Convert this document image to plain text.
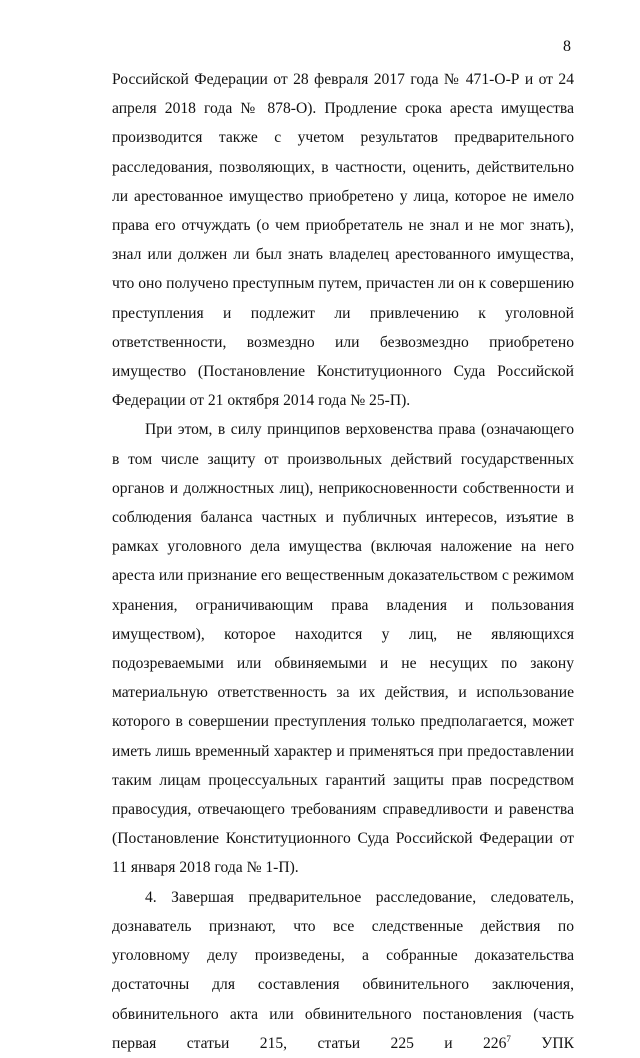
8

Российской Федерации от 28 февраля 2017 года № 471-О-Р и от 24 апреля 2018 года № 878-О). Продление срока ареста имущества производится также с учетом результатов предварительного расследования, позволяющих, в частности, оценить, действительно ли арестованное имущество приобретено у лица, которое не имело права его отчуждать (о чем приобретатель не знал и не мог знать), знал или должен ли был знать владелец арестованного имущества, что оно получено преступным путем, причастен ли он к совершению преступления и подлежит ли привлечению к уголовной ответственности, возмездно или безвозмездно приобретено имущество (Постановление Конституционного Суда Российской Федерации от 21 октября 2014 года № 25-П).

При этом, в силу принципов верховенства права (означающего в том числе защиту от произвольных действий государственных органов и должностных лиц), неприкосновенности собственности и соблюдения баланса частных и публичных интересов, изъятие в рамках уголовного дела имущества (включая наложение на него ареста или признание его вещественным доказательством с режимом хранения, ограничивающим права владения и пользования имуществом), которое находится у лиц, не являющихся подозреваемыми или обвиняемыми и не несущих по закону материальную ответственность за их действия, и использование которого в совершении преступления только предполагается, может иметь лишь временный характер и применяться при предоставлении таким лицам процессуальных гарантий защиты прав посредством правосудия, отвечающего требованиям справедливости и равенства (Постановление Конституционного Суда Российской Федерации от 11 января 2018 года № 1-П).

4. Завершая предварительное расследование, следователь, дознаватель признают, что все следственные действия по уголовному делу произведены, а собранные доказательства достаточны для составления обвинительного заключения, обвинительного акта или обвинительного постановления (часть первая статьи 215, статьи 225 и $226^7$ УПК
